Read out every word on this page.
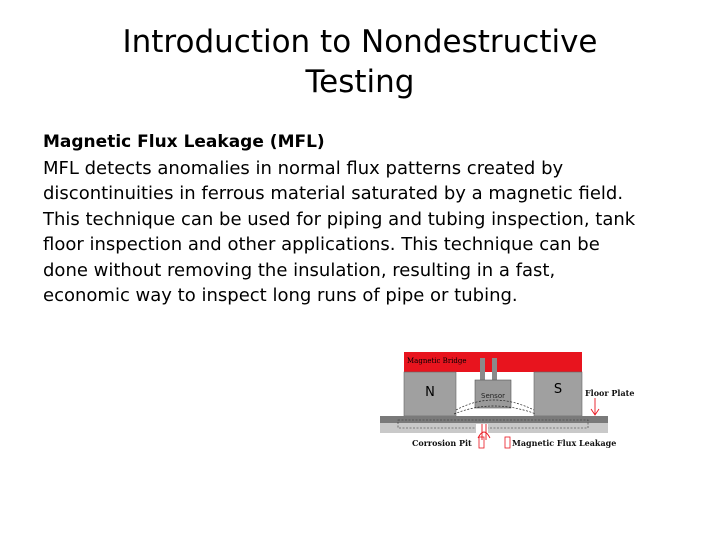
Introduction to Nondestructive
Testing
Magnetic Flux Leakage (MFL)
MFL detects anomalies in normal flux patterns created by
discontinuities in ferrous material saturated by a magnetic field.
This technique can be used for piping and tubing inspection, tank
floor inspection and other applications. This technique can be
done without removing the insulation, resulting in a fast,
economic way to inspect long runs of pipe or tubing.
Magnetic Bridge
N	S
Sensor	Floor Plate
Corrosion Pit	Magnetic Flux Leakage
